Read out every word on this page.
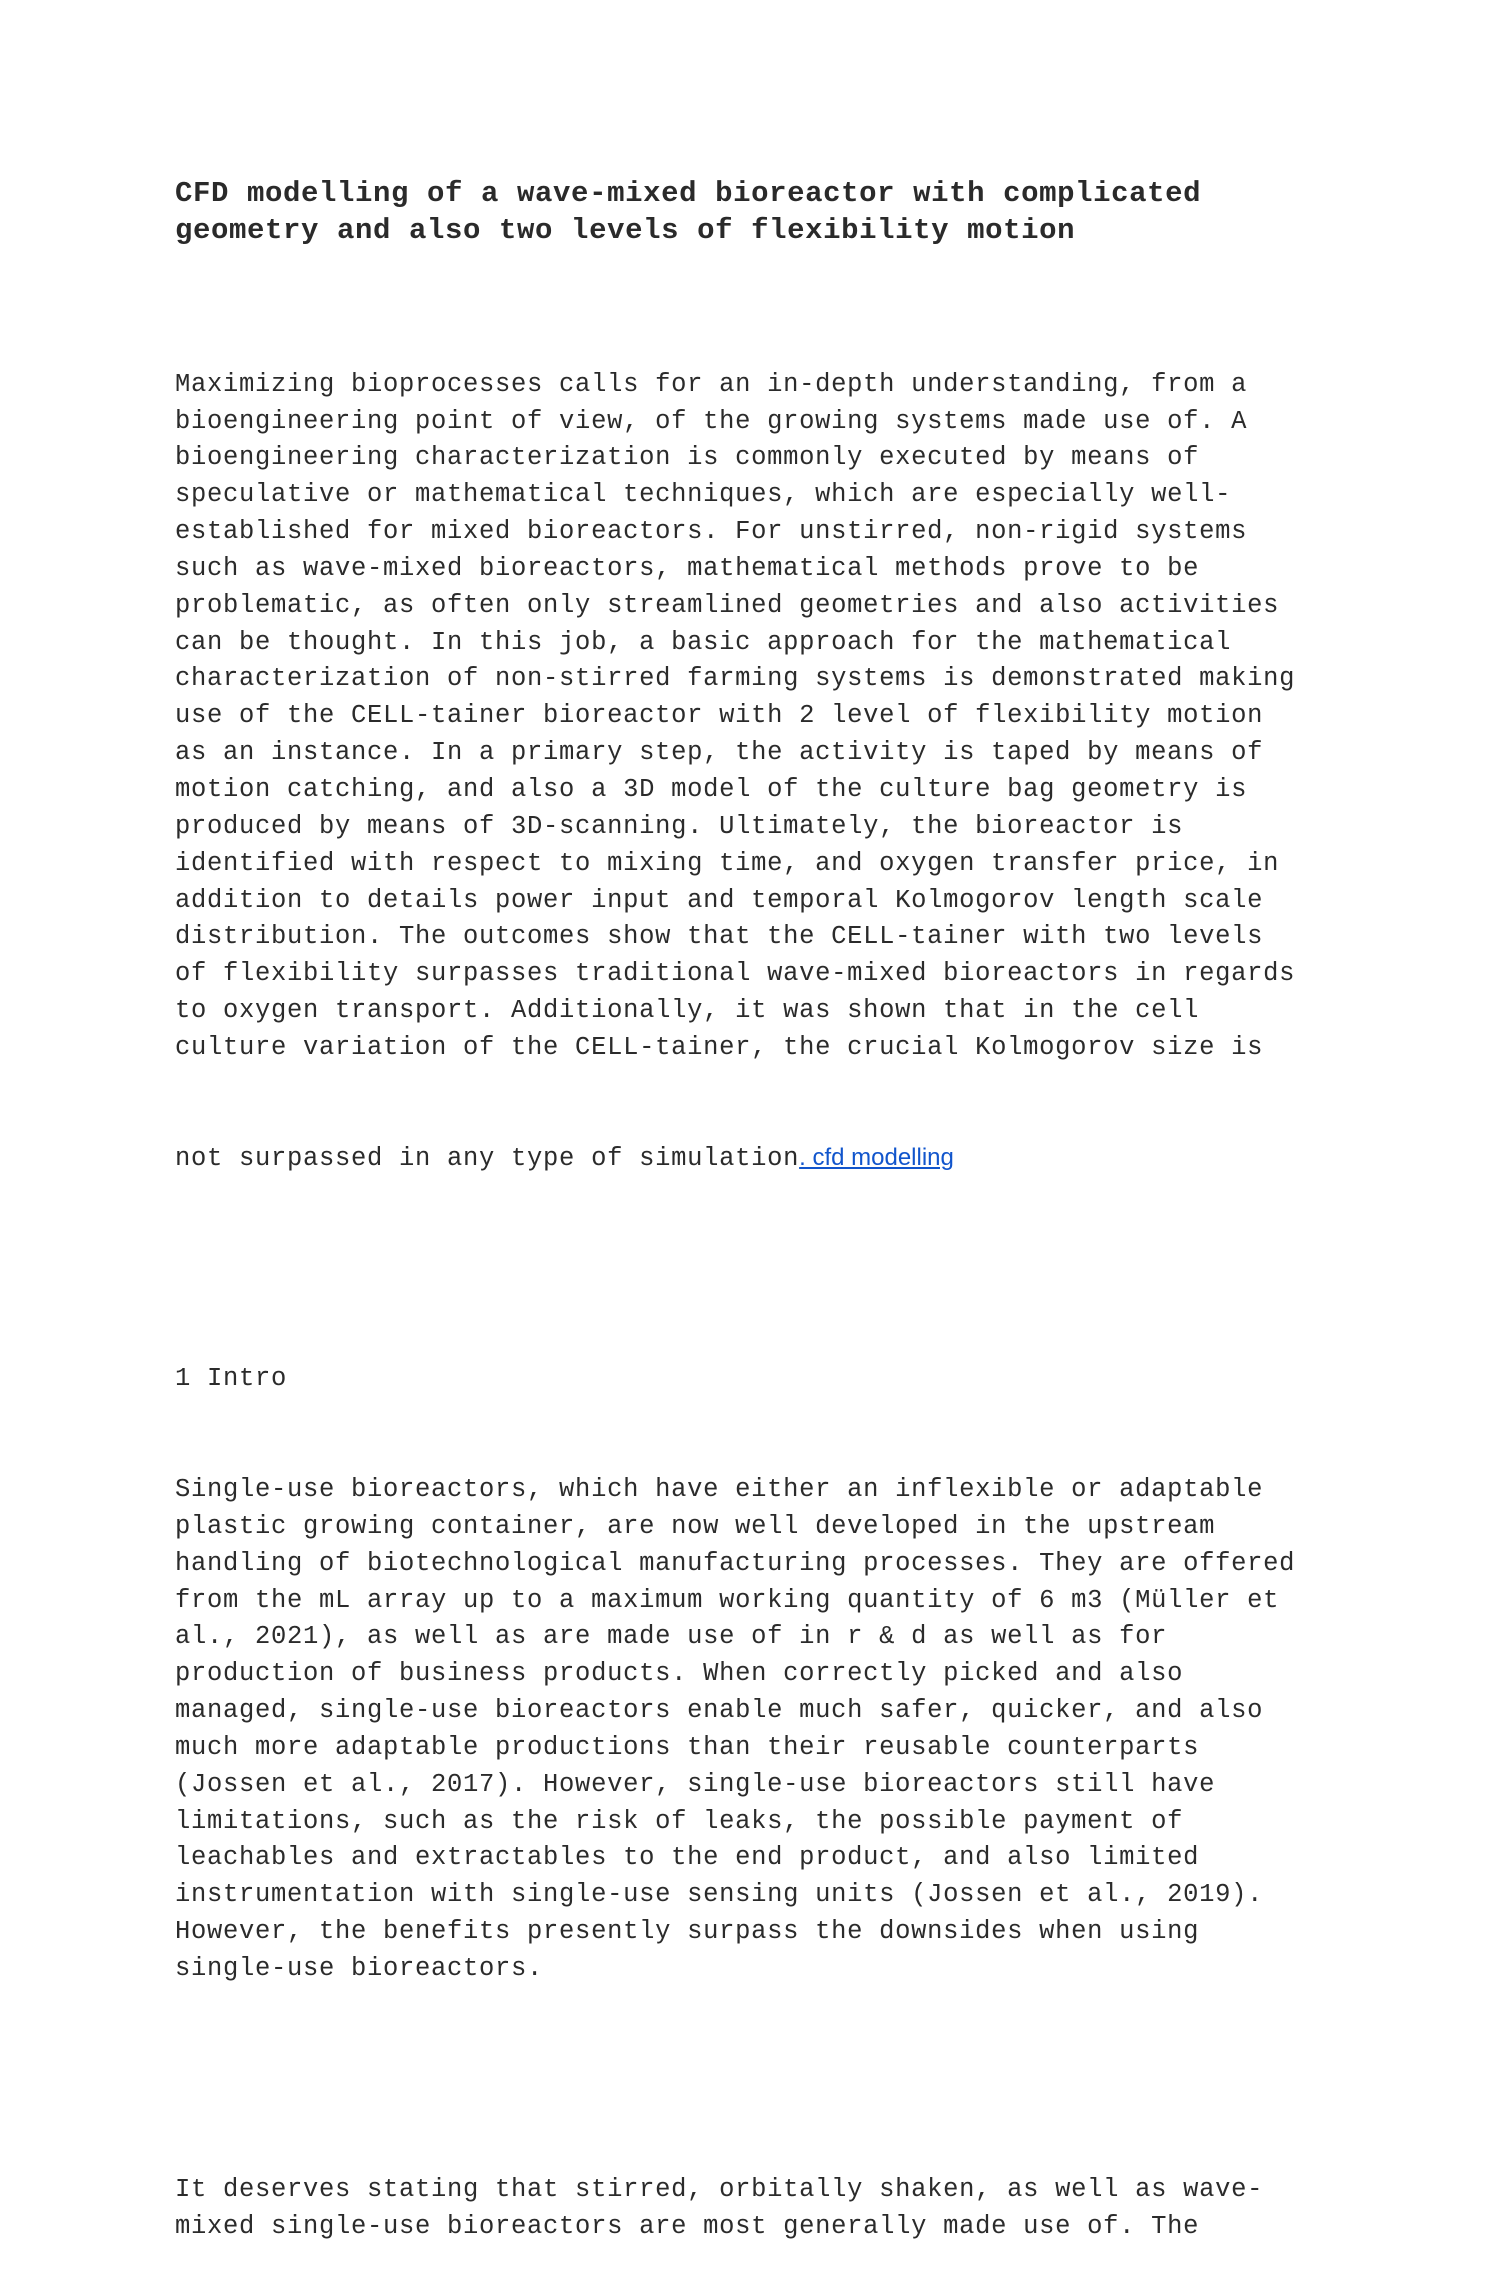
CFD modelling of a wave-mixed bioreactor with complicated
geometry and also two levels of flexibility motion

Maximizing bioprocesses calls for an in-depth understanding, from a
bioengineering point of view, of the growing systems made use of. A
bioengineering characterization is commonly executed by means of
speculative or mathematical techniques, which are especially well-
established for mixed bioreactors. For unstirred, non-rigid systems
such as wave-mixed bioreactors, mathematical methods prove to be
problematic, as often only streamlined geometries and also activities
can be thought. In this job, a basic approach for the mathematical
characterization of non-stirred farming systems is demonstrated making
use of the CELL-tainer bioreactor with 2 level of flexibility motion
as an instance. In a primary step, the activity is taped by means of
motion catching, and also a 3D model of the culture bag geometry is
produced by means of 3D-scanning. Ultimately, the bioreactor is
identified with respect to mixing time, and oxygen transfer price, in
addition to details power input and temporal Kolmogorov length scale
distribution. The outcomes show that the CELL-tainer with two levels
of flexibility surpasses traditional wave-mixed bioreactors in regards
to oxygen transport. Additionally, it was shown that in the cell
culture variation of the CELL-tainer, the crucial Kolmogorov size is

not surpassed in any type of simulation. cfd modelling

1 Intro

Single-use bioreactors, which have either an inflexible or adaptable
plastic growing container, are now well developed in the upstream
handling of biotechnological manufacturing processes. They are offered
from the mL array up to a maximum working quantity of 6 m3 (Müller et
al., 2021), as well as are made use of in r & d as well as for
production of business products. When correctly picked and also
managed, single-use bioreactors enable much safer, quicker, and also
much more adaptable productions than their reusable counterparts
(Jossen et al., 2017). However, single-use bioreactors still have
limitations, such as the risk of leaks, the possible payment of
leachables and extractables to the end product, and also limited
instrumentation with single-use sensing units (Jossen et al., 2019).
However, the benefits presently surpass the downsides when using
single-use bioreactors.

It deserves stating that stirred, orbitally shaken, as well as wave-
mixed single-use bioreactors are most generally made use of. The
